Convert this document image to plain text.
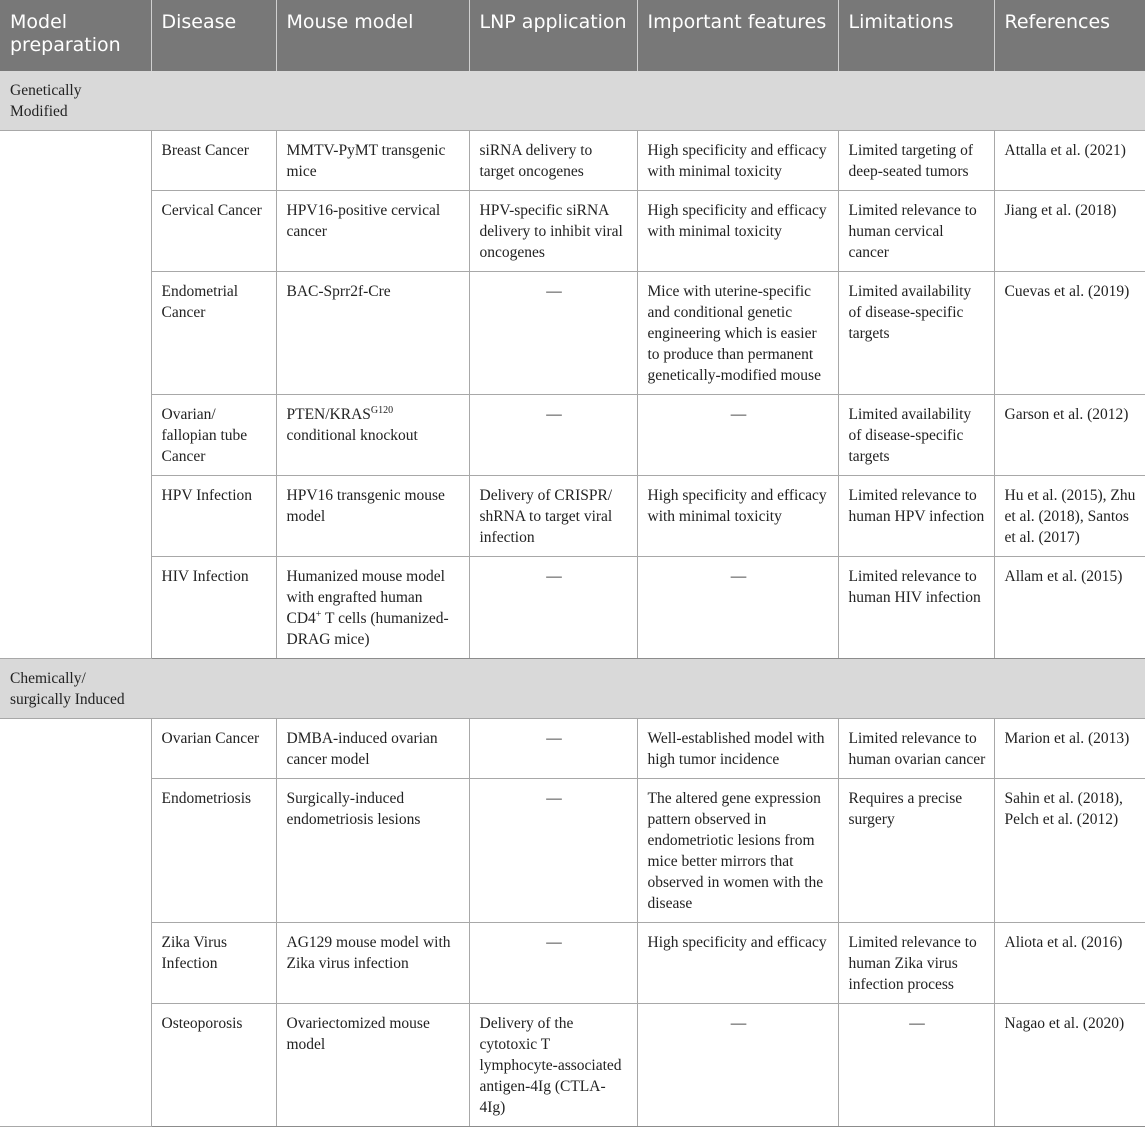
Model preparation	Disease	Mouse model	LNP application	Important features	Limitations	References

Genetically
Modified						

	Breast Cancer	MMTV-PyMT transgenic mice	siRNA delivery to target oncogenes	High specificity and efficacy with minimal toxicity	Limited targeting of deep-seated tumors	Attalla et al. (2021)
	Cervical Cancer	HPV16-positive cervical cancer	HPV-specific siRNA delivery to inhibit viral oncogenes	High specificity and efficacy with minimal toxicity	Limited relevance to human cervical cancer	Jiang et al. (2018)
	Endometrial Cancer	BAC-Sprr2f-Cre	—	Mice with uterine-specific and conditional genetic engineering which is easier to produce than permanent genetically-modified mouse	Limited availability of disease-specific targets	Cuevas et al. (2019)
	Ovarian/ fallopian tube Cancer	PTEN/$KRAS^{G120}$ conditional knockout	—	—	Limited availability of disease-specific targets	Garson et al. (2012)
	HPV Infection	HPV16 transgenic mouse model	Delivery of CRISPR/ shRNA to target viral infection	High specificity and efficacy with minimal toxicity	Limited relevance to human HPV infection	Hu et al. (2015), Zhu et al. (2018), Santos et al. (2017)
	HIV Infection	Humanized mouse model with engrafted human CD4+ T cells (humanized-DRAG mice)	—	—	Limited relevance to human HIV infection	Allam et al. (2015)

Chemically/
surgically Induced						

	Ovarian Cancer	DMBA-induced ovarian cancer model	—	Well-established model with high tumor incidence	Limited relevance to human ovarian cancer	Marion et al. (2013)
	Endometriosis	Surgically-induced endometriosis lesions	—	The altered gene expression pattern observed in endometriotic lesions from mice better mirrors that observed in women with the disease	Requires a precise surgery	Sahin et al. (2018), Pelch et al. (2012)
	Zika Virus Infection	AG129 mouse model with Zika virus infection	—	High specificity and efficacy	Limited relevance to human Zika virus infection process	Aliota et al. (2016)
	Osteoporosis	Ovariectomized mouse model	Delivery of the cytotoxic T lymphocyte-associated antigen-4Ig (CTLA-4Ig)	—	—	Nagao et al. (2020)
